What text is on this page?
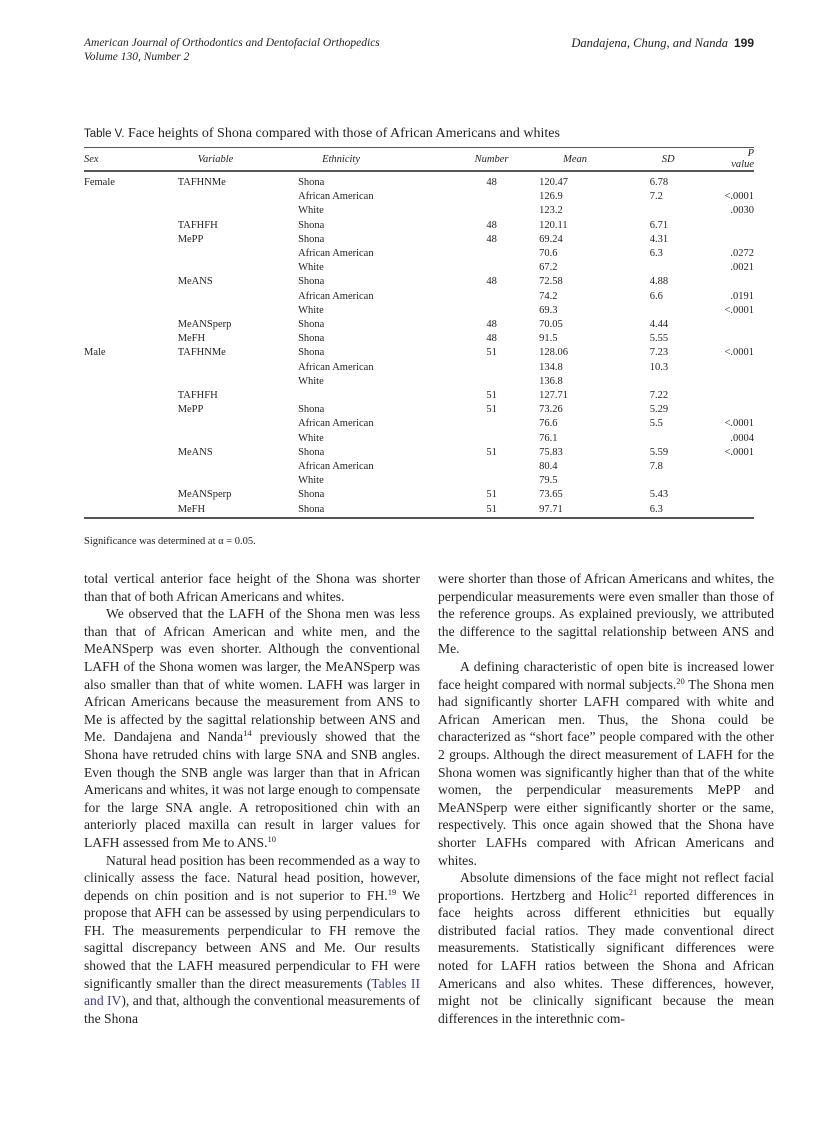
American Journal of Orthodontics and Dentofacial Orthopedics
Volume 130, Number 2
Dandajena, Chung, and Nanda 199
Table V. Face heights of Shona compared with those of African Americans and whites
Sex	Variable	Ethnicity	Number	Mean	SD	P value

Female	TAFHNMe	Shona	48	120.47	6.78	
		African American		126.9	7.2	<.0001
		White		123.2		.0030
	TAFHFH	Shona	48	120.11	6.71	
	MePP	Shona	48	69.24	4.31	
		African American		70.6	6.3	.0272
		White		67.2		.0021
	MeANS	Shona	48	72.58	4.88	
		African American		74.2	6.6	.0191
		White		69.3		<.0001
	MeANSperp	Shona	48	70.05	4.44	
	MeFH	Shona	48	91.5	5.55	
Male	TAFHNMe	Shona	51	128.06	7.23	<.0001
		African American		134.8	10.3	
		White		136.8		
	TAFHFH		51	127.71	7.22	
	MePP	Shona	51	73.26	5.29	
		African American		76.6	5.5	<.0001
		White		76.1		.0004
	MeANS	Shona	51	75.83	5.59	<.0001
		African American		80.4	7.8	
		White		79.5		
	MeANSperp	Shona	51	73.65	5.43	
	MeFH	Shona	51	97.71	6.3	
Significance was determined at α = 0.05.

total vertical anterior face height of the Shona was shorter than that of both African Americans and whites.

We observed that the LAFH of the Shona men was less than that of African American and white men, and the MeANSperp was even shorter. Although the conventional LAFH of the Shona women was larger, the MeANSperp was also smaller than that of white women. LAFH was larger in African Americans because the measurement from ANS to Me is affected by the sagittal relationship between ANS and Me. Dandajena and Nanda$^{14}$ previously showed that the Shona have retruded chins with large SNA and SNB angles. Even though the SNB angle was larger than that in African Americans and whites, it was not large enough to compensate for the large SNA angle. A retropositioned chin with an anteriorly placed maxilla can result in larger values for LAFH assessed from Me to ANS.$^{10}$

Natural head position has been recommended as a way to clinically assess the face. Natural head position, however, depends on chin position and is not superior to FH.$^{19}$ We propose that AFH can be assessed by using perpendiculars to FH. The measurements perpendicular to FH remove the sagittal discrepancy between ANS and Me. Our results showed that the LAFH measured perpendicular to FH were significantly smaller than the direct measurements (Tables II and IV), and that, although the conventional measurements of the Shona

were shorter than those of African Americans and whites, the perpendicular measurements were even smaller than those of the reference groups. As explained previously, we attributed the difference to the sagittal relationship between ANS and Me.

A defining characteristic of open bite is increased lower face height compared with normal subjects.$^{20}$ The Shona men had significantly shorter LAFH compared with white and African American men. Thus, the Shona could be characterized as “short face” people compared with the other 2 groups. Although the direct measurement of LAFH for the Shona women was significantly higher than that of the white women, the perpendicular measurements MePP and MeANSperp were either significantly shorter or the same, respectively. This once again showed that the Shona have shorter LAFHs compared with African Americans and whites.

Absolute dimensions of the face might not reflect facial proportions. Hertzberg and Holic$^{21}$ reported differences in face heights across different ethnicities but equally distributed facial ratios. They made conventional direct measurements. Statistically significant differences were noted for LAFH ratios between the Shona and African Americans and also whites. These differences, however, might not be clinically significant because the mean differences in the interethnic com-
